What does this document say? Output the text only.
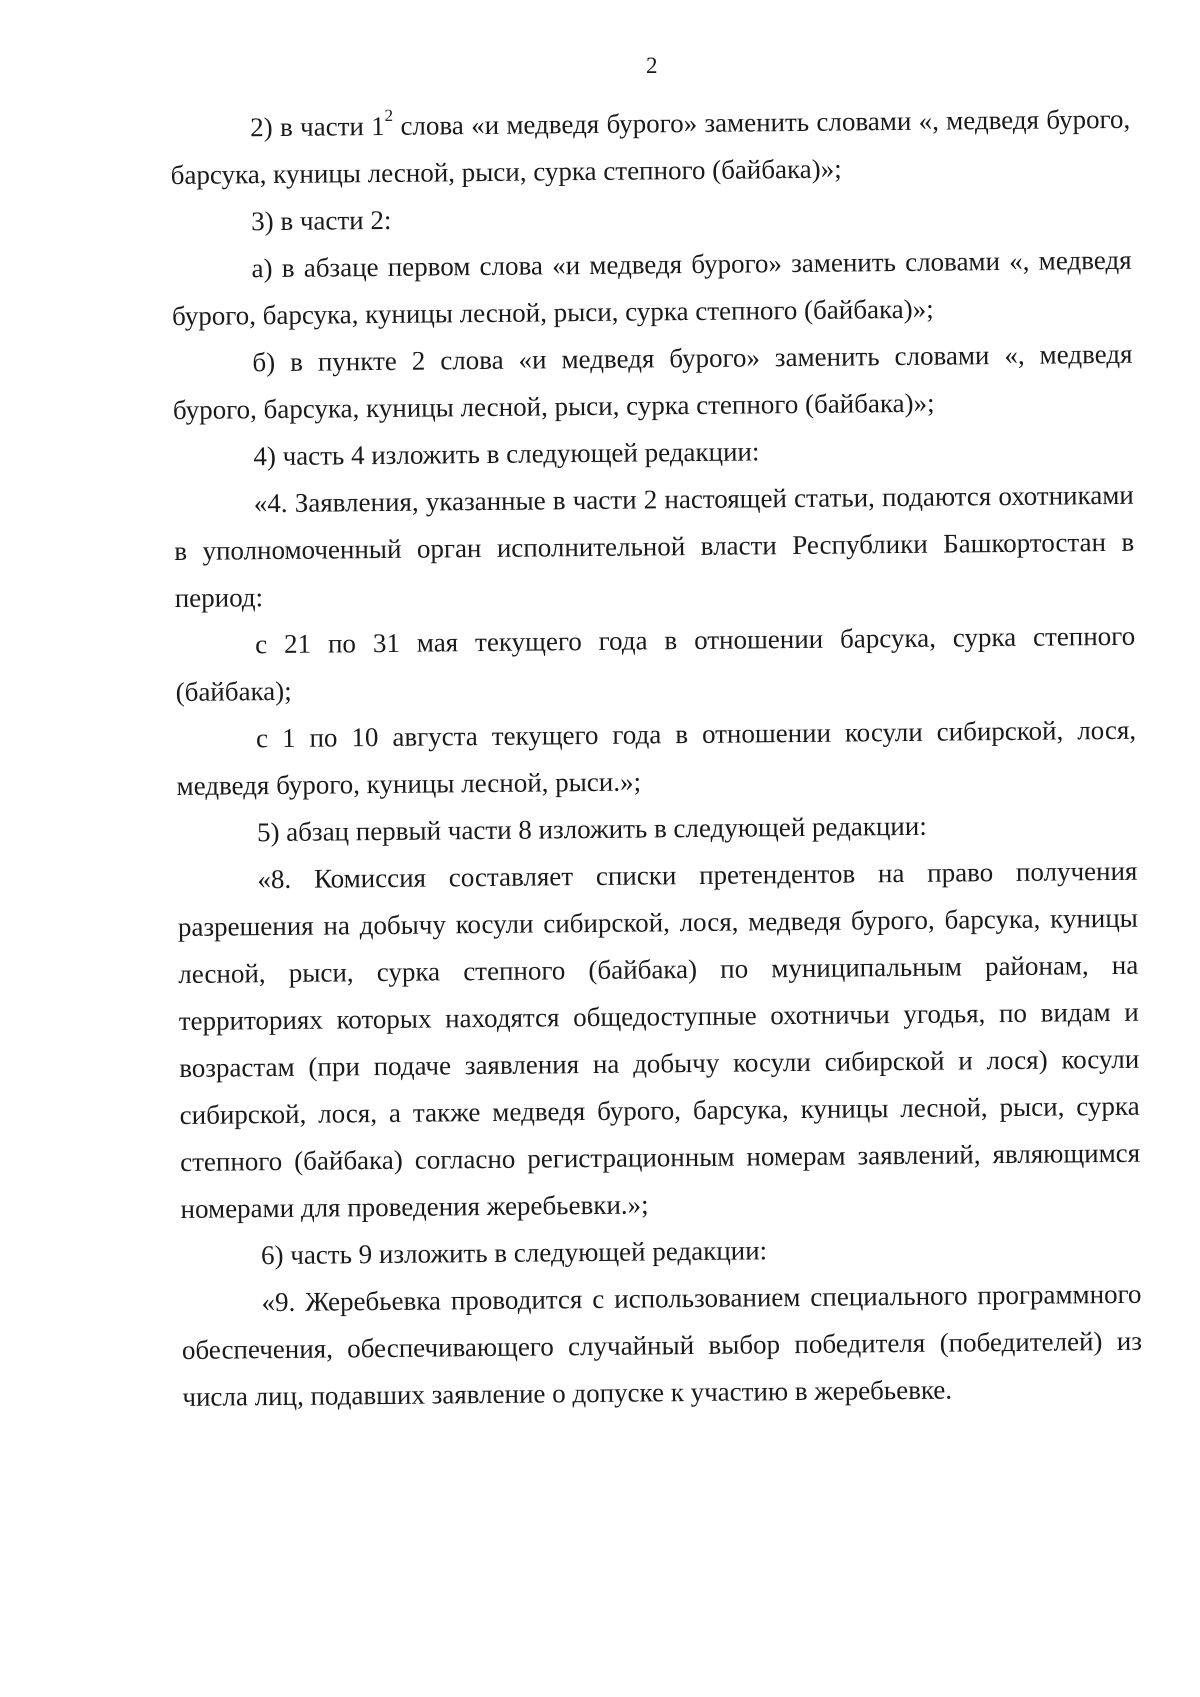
2

2) в части $1^2$ слова «и медведя бурого» заменить словами «, медведя бурого, барсука, куницы лесной, рыси, сурка степного (байбака)»;

3) в части 2:

а) в абзаце первом слова «и медведя бурого» заменить словами «, медведя бурого, барсука, куницы лесной, рыси, сурка степного (байбака)»;

б) в пункте 2 слова «и медведя бурого» заменить словами «, медведя бурого, барсука, куницы лесной, рыси, сурка степного (байбака)»;

4) часть 4 изложить в следующей редакции:

«4. Заявления, указанные в части 2 настоящей статьи, подаются охотниками в уполномоченный орган исполнительной власти Республики Башкортостан в период:

с 21 по 31 мая текущего года в отношении барсука, сурка степного (байбака);

с 1 по 10 августа текущего года в отношении косули сибирской, лося, медведя бурого, куницы лесной, рыси.»;

5) абзац первый части 8 изложить в следующей редакции:

«8. Комиссия составляет списки претендентов на право получения разрешения на добычу косули сибирской, лося, медведя бурого, барсука, куницы лесной, рыси, сурка степного (байбака) по муниципальным районам, на территориях которых находятся общедоступные охотничьи угодья, по видам и возрастам (при подаче заявления на добычу косули сибирской и лося) косули сибирской, лося, а также медведя бурого, барсука, куницы лесной, рыси, сурка степного (байбака) согласно регистрационным номерам заявлений, являющимся номерами для проведения жеребьевки.»;

6) часть 9 изложить в следующей редакции:

«9. Жеребьевка проводится с использованием специального программного обеспечения, обеспечивающего случайный выбор победителя (победителей) из числа лиц, подавших заявление о допуске к участию в жеребьевке.
